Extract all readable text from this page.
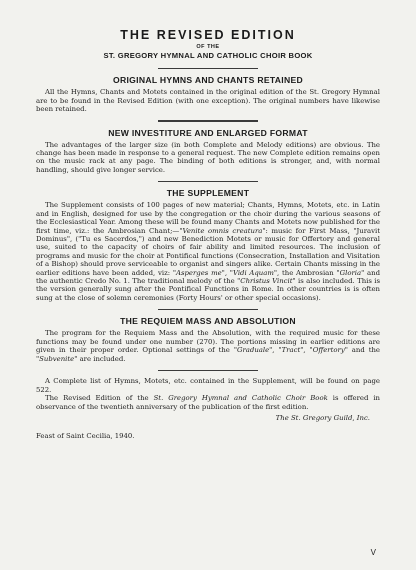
THE REVISED EDITION
OF THE
ST. GREGORY HYMNAL AND CATHOLIC CHOIR BOOK
ORIGINAL HYMNS AND CHANTS RETAINED

All the Hymns, Chants and Motets contained in the original edition of the St. Gregory Hymnal are to be found in the Revised Edition (with one exception). The original numbers have likewise been retained.

NEW INVESTITURE AND ENLARGED FORMAT

The advantages of the larger size (in both Complete and Melody editions) are obvious. The change has been made in response to a general request. The new Complete edition remains open on the music rack at any page. The binding of both editions is stronger, and, with normal handling, should give longer service.

THE SUPPLEMENT

The Supplement consists of 100 pages of new material; Chants, Hymns, Motets, etc. in Latin and in English, designed for use by the congregation or the choir during the various seasons of the Ecclesiastical Year. Among these will be found many Chants and Motets now published for the first time, viz.: the Ambrosian Chant;—"Venite omnis creatura": music for First Mass, "Juravit Dominus", ("Tu es Sacerdos,") and new Benediction Motets or music for Offertory and general use, suited to the capacity of choirs of fair ability and limited resources. The inclusion of programs and music for the choir at Pontifical functions (Consecration, Installation and Visitation of a Bishop) should prove serviceable to organist and singers alike. Certain Chants missing in the earlier editions have been added, viz: "Asperges me", "Vidi Aquam", the Ambrosian "Gloria" and the authentic Credo No. 1. The traditional melody of the "Christus Vincit" is also included. This is the version generally sung after the Pontifical Functions in Rome. In other countries is is often sung at the close of solemn ceremonies (Forty Hours' or other special occasions).

THE REQUIEM MASS AND ABSOLUTION

The program for the Requiem Mass and the Absolution, with the required music for these functions may be found under one number (270). The portions missing in earlier editions are given in their proper order. Optional settings of the "Graduale", "Tract", "Offertory" and the "Subvenite" are included.

A Complete list of Hymns, Motets, etc. contained in the Supplement, will be found on page 522.

The Revised Edition of the St. Gregory Hymnal and Catholic Choir Book is offered in observance of the twentieth anniversary of the publication of the first edition.

The St. Gregory Guild, Inc.
Feast of Saint Cecilia, 1940.
V
